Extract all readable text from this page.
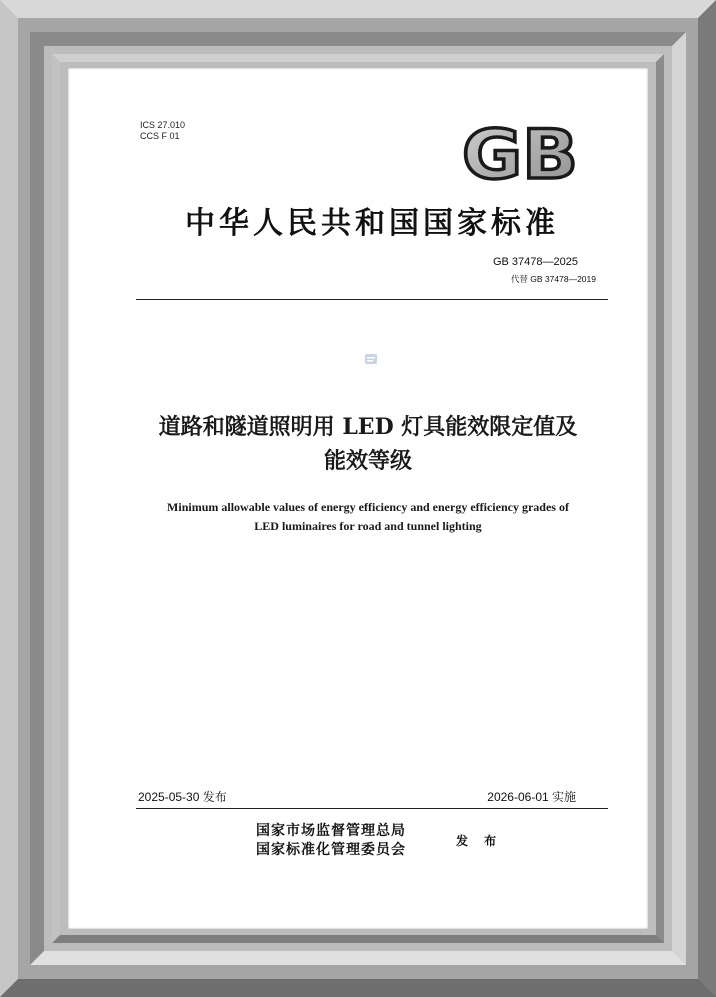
ICS 27.010
CCS F 01	GB
中华人民共和国国家标准
GB 37478—2025
代替 GB 37478—2019
道路和隧道照明用 LED 灯具能效限定值及
能效等级
Minimum allowable values of energy efficiency and energy efficiency grades of
LED luminaires for road and tunnel lighting
2025-05-30 发布	2026-06-01 实施
国家市场监督管理总局
国家标准化管理委员会
发 布
